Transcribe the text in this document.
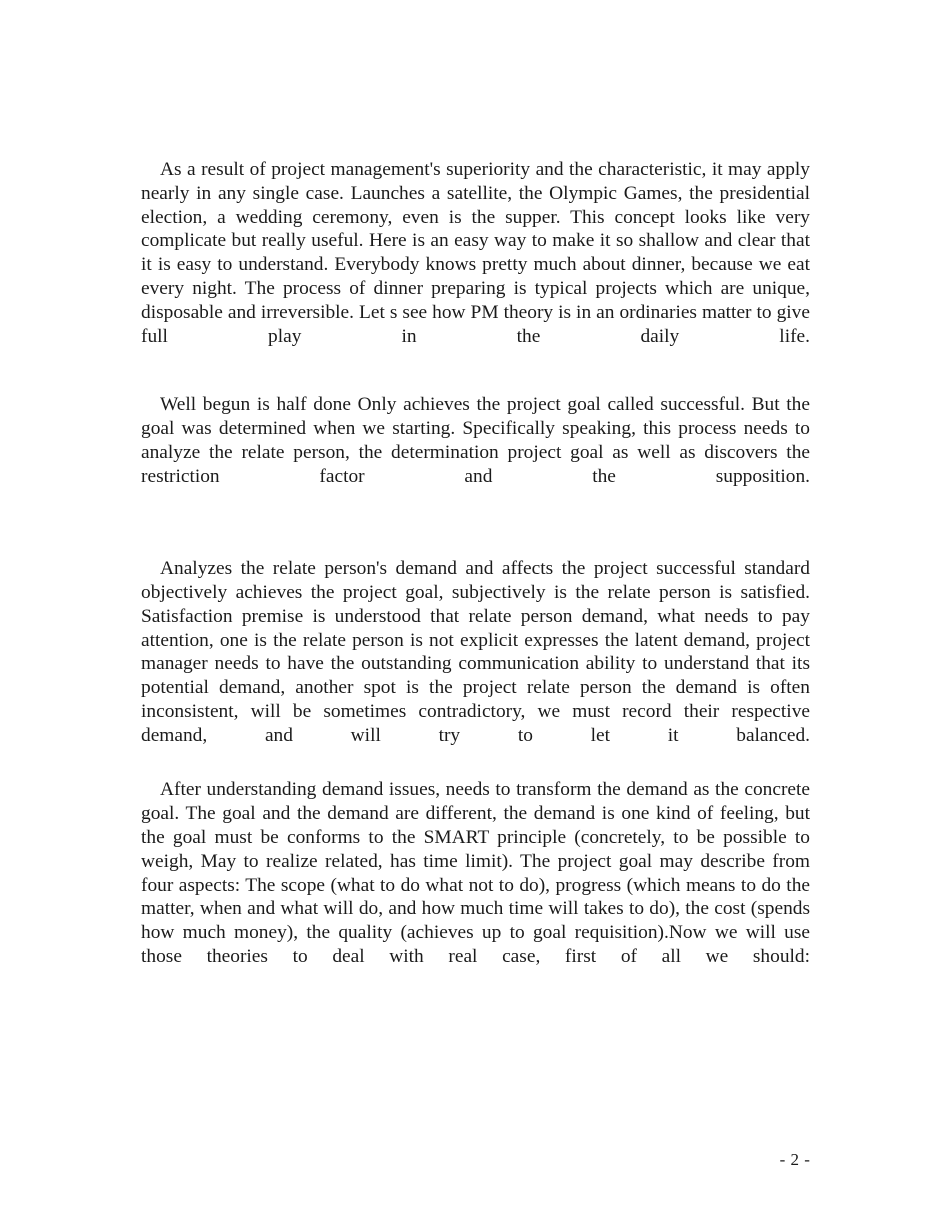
As a result of project management's superiority and the characteristic, it may apply nearly in any single case. Launches a satellite, the Olympic Games, the presidential election, a wedding ceremony, even is the supper. This concept looks like very complicate but really useful. Here is an easy way to make it so shallow and clear that it is easy to understand. Everybody knows pretty much about dinner, because we eat every night. The process of dinner preparing is typical projects which are unique, disposable and irreversible. Let s see how PM theory is in an ordinaries matter to give full play in the daily life.

Well begun is half done Only achieves the project goal called successful. But the goal was determined when we starting. Specifically speaking, this process needs to analyze the relate person, the determination project goal as well as discovers the restriction factor and the supposition.

Analyzes the relate person's demand and affects the project successful standard objectively achieves the project goal, subjectively is the relate person is satisfied. Satisfaction premise is understood that relate person demand, what needs to pay attention, one is the relate person is not explicit expresses the latent demand, project manager needs to have the outstanding communication ability to understand that its potential demand, another spot is the project relate person the demand is often inconsistent, will be sometimes contradictory, we must record their respective demand, and will try to let it balanced.

After understanding demand issues, needs to transform the demand as the concrete goal. The goal and the demand are different, the demand is one kind of feeling, but the goal must be conforms to the SMART principle (concretely, to be possible to weigh, May to realize related, has time limit). The project goal may describe from four aspects: The scope (what to do what not to do), progress (which means to do the matter, when and what will do, and how much time will takes to do), the cost (spends how much money), the quality (achieves up to goal requisition).Now we will use those theories to deal with real case, first of all we should:

- 2 -
